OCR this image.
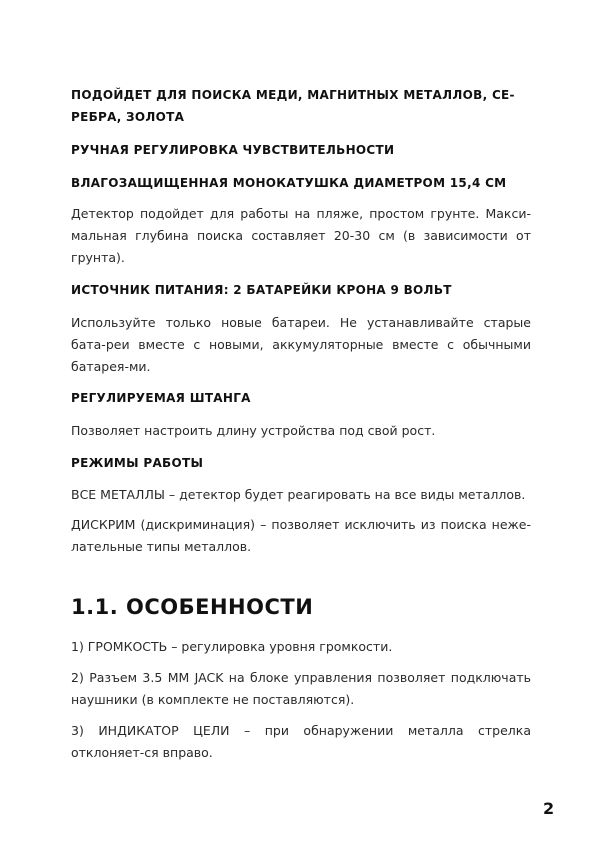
ПОДОЙДЕТ ДЛЯ ПОИСКА МЕДИ, МАГНИТНЫХ МЕТАЛЛОВ, СЕ-
РЕБРА, ЗОЛОТА

РУЧНАЯ РЕГУЛИРОВКА ЧУВСТВИТЕЛЬНОСТИ

ВЛАГОЗАЩИЩЕННАЯ МОНОКАТУШКА ДИАМЕТРОМ 15,4 СМ

Детектор подойдет для работы на пляже, простом грунте. Макси-мальная глубина поиска составляет 20-30 см (в зависимости от грунта).

ИСТОЧНИК ПИТАНИЯ: 2 БАТАРЕЙКИ КРОНА 9 ВОЛЬТ

Используйте только новые батареи. Не устанавливайте старые бата-реи вместе с новыми, аккумуляторные вместе с обычными батарея-ми.

РЕГУЛИРУЕМАЯ ШТАНГА

Позволяет настроить длину устройства под свой рост.

РЕЖИМЫ РАБОТЫ

ВСЕ МЕТАЛЛЫ – детектор будет реагировать на все виды металлов.

ДИСКРИМ (дискриминация) – позволяет исключить из поиска неже-лательные типы металлов.

1.1. ОСОБЕННОСТИ

1) ГРОМКОСТЬ – регулировка уровня громкости.

2) Разъем 3.5 ММ JACK на блоке управления позволяет подключать наушники (в комплекте не поставляются).

3) ИНДИКАТОР ЦЕЛИ – при обнаружении металла стрелка отклоняет-ся вправо.

2
